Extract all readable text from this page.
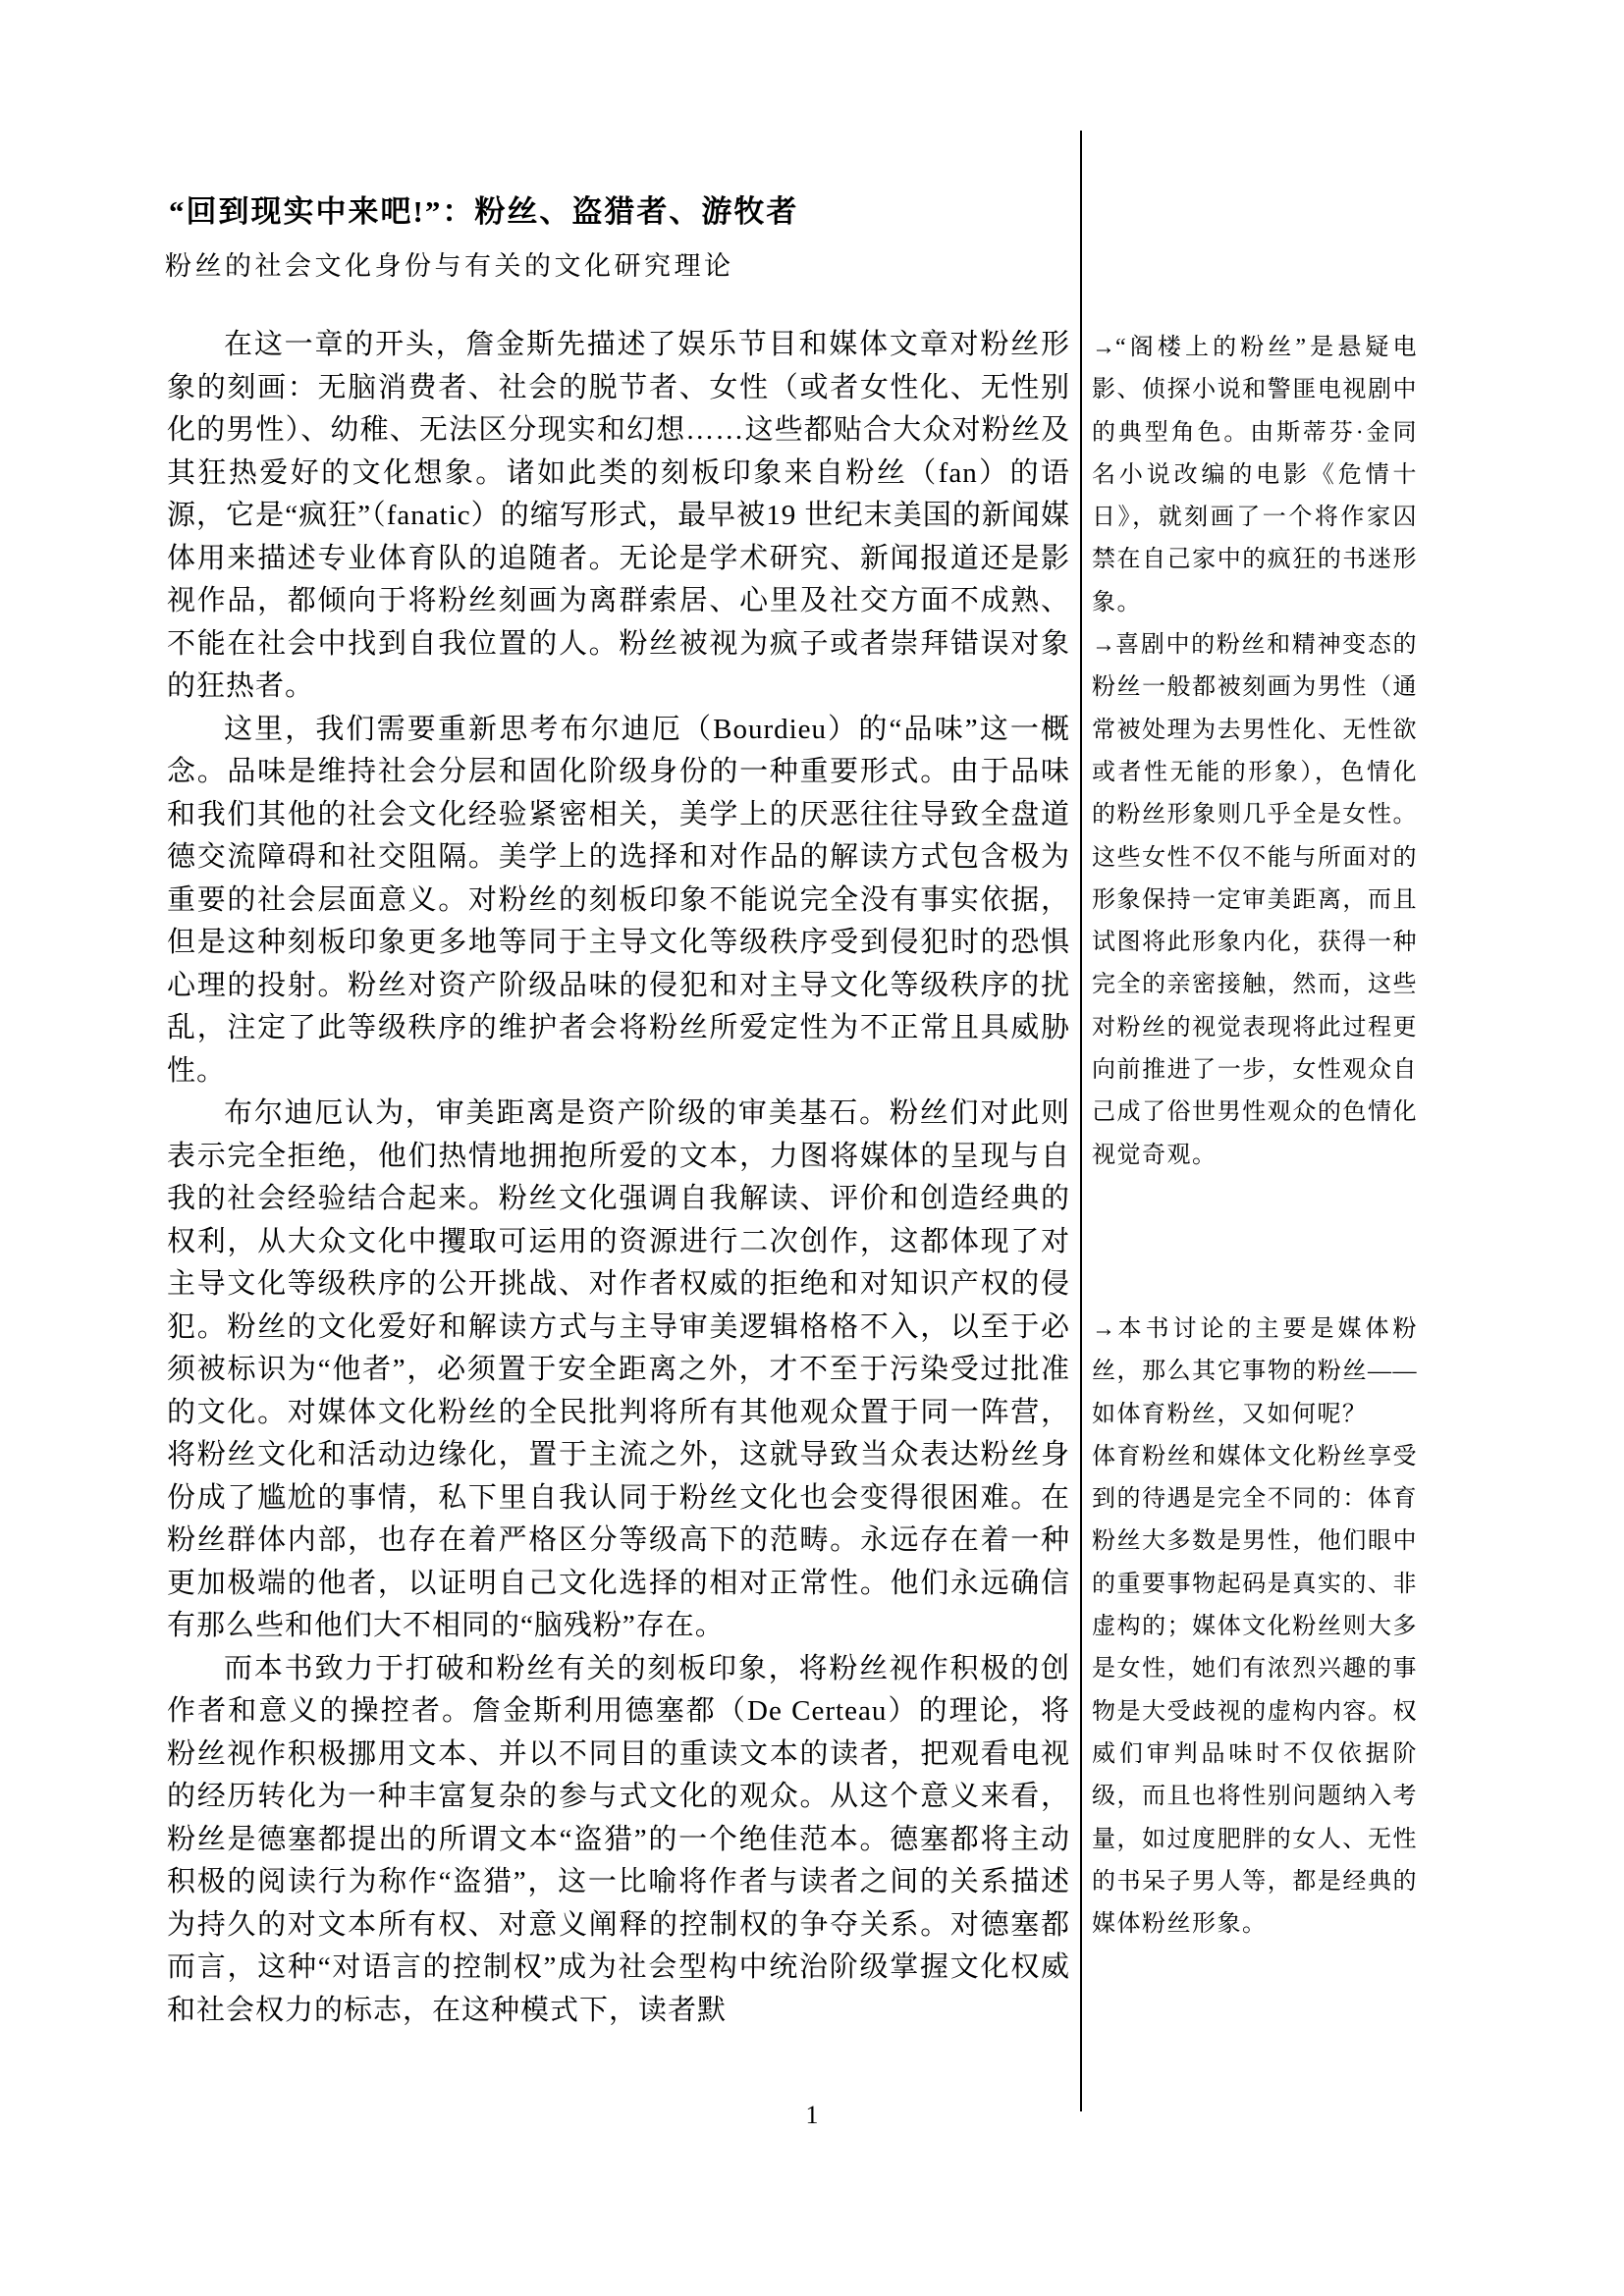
“回到现实中来吧!”：粉丝、盗猎者、游牧者
粉丝的社会文化身份与有关的文化研究理论

在这一章的开头，詹金斯先描述了娱乐节目和媒体文章对粉丝形象的刻画：无脑消费者、社会的脱节者、女性（或者女性化、无性别化的男性）、幼稚、无法区分现实和幻想……这些都贴合大众对粉丝及其狂热爱好的文化想象。诸如此类的刻板印象来自粉丝（fan）的语源，它是“疯狂”（fanatic）的缩写形式，最早被19 世纪末美国的新闻媒体用来描述专业体育队的追随者。无论是学术研究、新闻报道还是影视作品，都倾向于将粉丝刻画为离群索居、心里及社交方面不成熟、不能在社会中找到自我位置的人。粉丝被视为疯子或者崇拜错误对象的狂热者。

这里，我们需要重新思考布尔迪厄（Bourdieu）的“品味”这一概念。品味是维持社会分层和固化阶级身份的一种重要形式。由于品味和我们其他的社会文化经验紧密相关，美学上的厌恶往往导致全盘道德交流障碍和社交阻隔。美学上的选择和对作品的解读方式包含极为重要的社会层面意义。对粉丝的刻板印象不能说完全没有事实依据，但是这种刻板印象更多地等同于主导文化等级秩序受到侵犯时的恐惧心理的投射。粉丝对资产阶级品味的侵犯和对主导文化等级秩序的扰乱，注定了此等级秩序的维护者会将粉丝所爱定性为不正常且具威胁性。

布尔迪厄认为，审美距离是资产阶级的审美基石。粉丝们对此则表示完全拒绝，他们热情地拥抱所爱的文本，力图将媒体的呈现与自我的社会经验结合起来。粉丝文化强调自我解读、评价和创造经典的权利，从大众文化中攫取可运用的资源进行二次创作，这都体现了对主导文化等级秩序的公开挑战、对作者权威的拒绝和对知识产权的侵犯。粉丝的文化爱好和解读方式与主导审美逻辑格格不入，以至于必须被标识为“他者”，必须置于安全距离之外，才不至于污染受过批准的文化。对媒体文化粉丝的全民批判将所有其他观众置于同一阵营，将粉丝文化和活动边缘化，置于主流之外，这就导致当众表达粉丝身份成了尴尬的事情，私下里自我认同于粉丝文化也会变得很困难。在粉丝群体内部，也存在着严格区分等级高下的范畴。永远存在着一种更加极端的他者，以证明自己文化选择的相对正常性。他们永远确信有那么些和他们大不相同的“脑残粉”存在。

而本书致力于打破和粉丝有关的刻板印象，将粉丝视作积极的创作者和意义的操控者。詹金斯利用德塞都（De Certeau）的理论，将粉丝视作积极挪用文本、并以不同目的重读文本的读者，把观看电视的经历转化为一种丰富复杂的参与式文化的观众。从这个意义来看，粉丝是德塞都提出的所谓文本“盗猎”的一个绝佳范本。德塞都将主动积极的阅读行为称作“盗猎”，这一比喻将作者与读者之间的关系描述为持久的对文本所有权、对意义阐释的控制权的争夺关系。对德塞都而言，这种“对语言的控制权”成为社会型构中统治阶级掌握文化权威和社会权力的标志，在这种模式下，读者默

→“阁楼上的粉丝”是悬疑电影、侦探小说和警匪电视剧中的典型角色。由斯蒂芬·金同名小说改编的电影《危情十日》，就刻画了一个将作家囚禁在自己家中的疯狂的书迷形象。

→喜剧中的粉丝和精神变态的粉丝一般都被刻画为男性（通常被处理为去男性化、无性欲或者性无能的形象），色情化的粉丝形象则几乎全是女性。这些女性不仅不能与所面对的形象保持一定审美距离，而且试图将此形象内化，获得一种完全的亲密接触，然而，这些对粉丝的视觉表现将此过程更向前推进了一步，女性观众自己成了俗世男性观众的色情化视觉奇观。

→本书讨论的主要是媒体粉丝，那么其它事物的粉丝——如体育粉丝，又如何呢？

体育粉丝和媒体文化粉丝享受到的待遇是完全不同的：体育粉丝大多数是男性，他们眼中的重要事物起码是真实的、非虚构的；媒体文化粉丝则大多是女性，她们有浓烈兴趣的事物是大受歧视的虚构内容。权威们审判品味时不仅依据阶级，而且也将性别问题纳入考量，如过度肥胖的女人、无性的书呆子男人等，都是经典的媒体粉丝形象。

1
